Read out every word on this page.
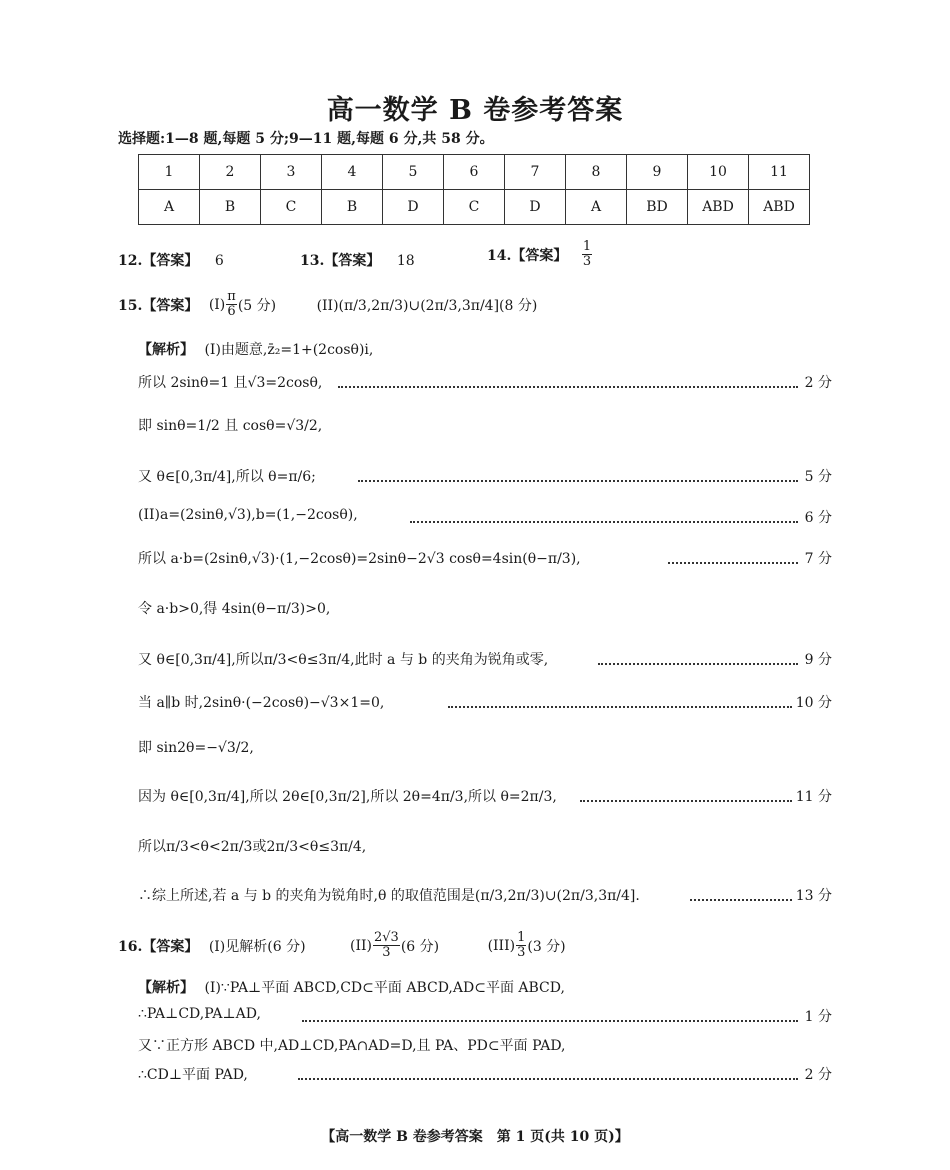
高一数学 B 卷参考答案
选择题:1—8 题,每题 5 分;9—11 题,每题 6 分,共 58 分。
1	2	3	4	5	6	7	8	9	10	11
A	B	C	B	D	C	D	A	BD	ABD	ABD
12.【答案】 6	13.【答案】 18	14.【答案】 $\frac{1}{3}$
15.【答案】 $(I) \frac{\pi}{6} (5$ 分)	(II)(π/3,2π/3)∪(2π/3,3π/4](8 分)
【解析】 (I)由题意,z̄₂=1+(2cosθ)i,
所以 2sinθ=1 且√3=2cosθ,	2 分
即 sinθ=1/2 且 cosθ=√3/2,
又 θ∈[0,3π/4],所以 θ=π/6;	5 分
(II)a=(2sinθ,√3),b=(1,−2cosθ),	6 分
所以 a·b=(2sinθ,√3)·(1,−2cosθ)=2sinθ−2√3 cosθ=4sin(θ−π/3),	7 分
令 a·b>0,得 4sin(θ−π/3)>0,
又 θ∈[0,3π/4],所以π/3<θ≤3π/4,此时 a 与 b 的夹角为锐角或零,	9 分
当 a∥b 时,2sinθ·(−2cosθ)−√3×1=0,	10 分
即 sin2θ=−√3/2,
因为 θ∈[0,3π/4],所以 2θ∈[0,3π/2],所以 2θ=4π/3,所以 θ=2π/3,	11 分
所以π/3<θ<2π/3或2π/3<θ≤3π/4,
∴综上所述,若 a 与 b 的夹角为锐角时,θ 的取值范围是(π/3,2π/3)∪(2π/3,3π/4].	13 分
16.【答案】 (I)见解析(6 分)	$(II) \frac{2√3}{3} (6$ 分)	$(III) \frac{1}{3} (3$ 分)
【解析】 (I)∵PA⊥平面 ABCD,CD⊂平面 ABCD,AD⊂平面 ABCD,
∴PA⊥CD,PA⊥AD,	1 分
又∵正方形 ABCD 中,AD⊥CD,PA∩AD=D,且 PA、PD⊂平面 PAD,
∴CD⊥平面 PAD,	2 分
【高一数学 B 卷参考答案　第 1 页(共 10 页)】
